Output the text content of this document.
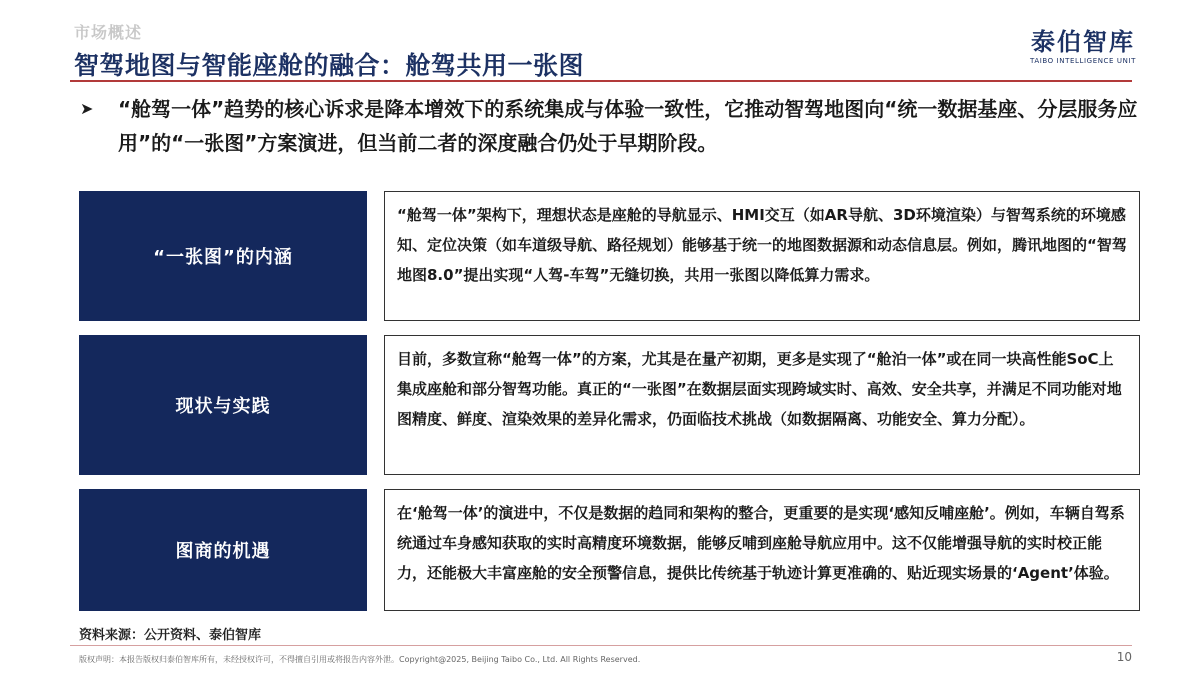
市场概述
智驾地图与智能座舱的融合：舱驾共用一张图
泰伯智库
TAIBO INTELLIGENCE UNIT
➤	“舱驾一体”趋势的核心诉求是降本增效下的系统集成与体验一致性，它推动智驾地图向“统一数据基座、分层服务应用”的“一张图”方案演进，但当前二者的深度融合仍处于早期阶段。

“一张图”的内涵
“舱驾一体”架构下，理想状态是座舱的导航显示、HMI交互（如AR导航、3D环境渲染）与智驾系统的环境感知、定位决策（如车道级导航、路径规划）能够基于统一的地图数据源和动态信息层。例如，腾讯地图的“智驾地图8.0”提出实现“人驾-车驾”无缝切换，共用一张图以降低算力需求。
现状与实践
目前，多数宣称“舱驾一体”的方案，尤其是在量产初期，更多是实现了“舱泊一体”或在同一块高性能SoC上集成座舱和部分智驾功能。真正的“一张图”在数据层面实现跨域实时、高效、安全共享，并满足不同功能对地图精度、鲜度、渲染效果的差异化需求，仍面临技术挑战（如数据隔离、功能安全、算力分配）。
图商的机遇
在‘舱驾一体’的演进中，不仅是数据的趋同和架构的整合，更重要的是实现‘感知反哺座舱’。例如，车辆自驾系统通过车身感知获取的实时高精度环境数据，能够反哺到座舱导航应用中。这不仅能增强导航的实时校正能力，还能极大丰富座舱的安全预警信息，提供比传统基于轨迹计算更准确的、贴近现实场景的‘Agent’体验。
资料来源：公开资料、泰伯智库
版权声明：本报告版权归泰伯智库所有，未经授权许可，不得擅自引用或将报告内容外泄。Copyright@2025, Beijing Taibo Co., Ltd. All Rights Reserved.	10
